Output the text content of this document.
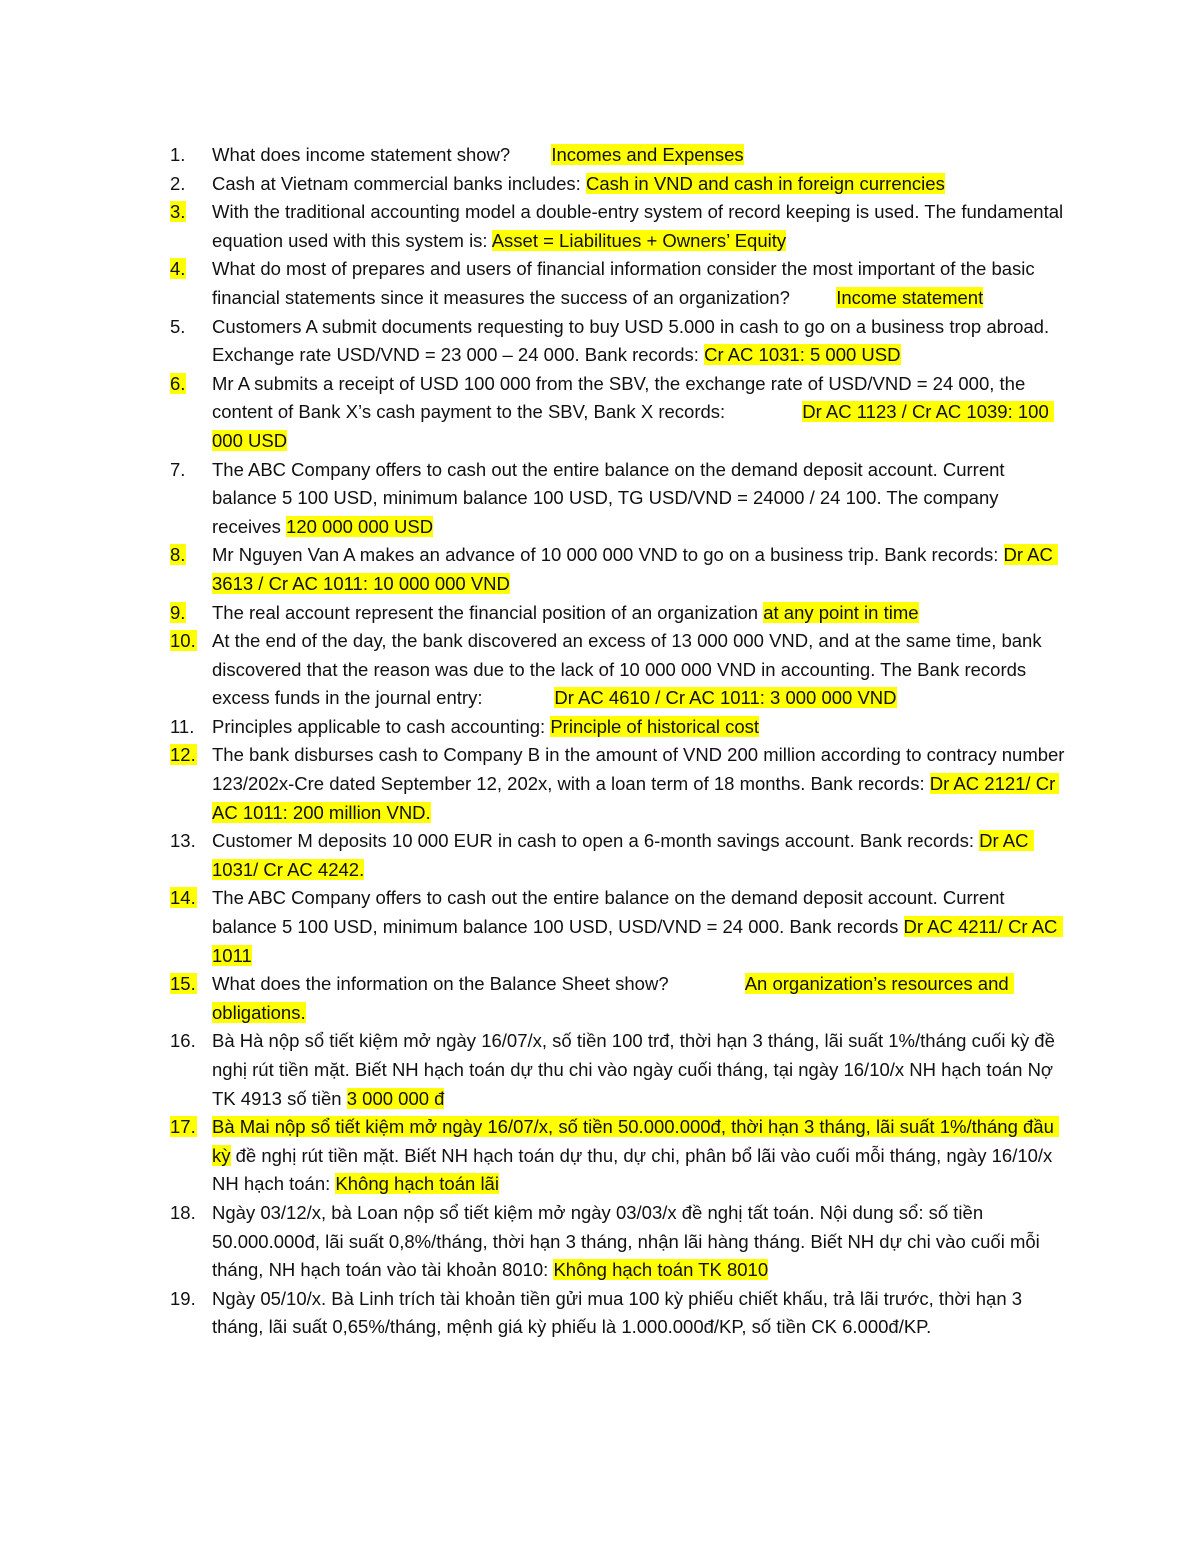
1.	What does income statement show?        Incomes and Expenses
2.	Cash at Vietnam commercial banks includes: Cash in VND and cash in foreign currencies
3.	With the traditional accounting model a double-entry system of record keeping is used. The fundamental equation used with this system is: Asset = Liabilitues + Owners’ Equity
4.	What do most of prepares and users of financial information consider the most important of the basic financial statements since it measures the success of an organization?         Income statement
5.	Customers A submit documents requesting to buy USD 5.000 in cash to go on a business trop abroad. Exchange rate USD/VND = 23 000 – 24 000. Bank records: Cr AC 1031: 5 000 USD
6.	Mr A submits a receipt of USD 100 000 from the SBV, the exchange rate of USD/VND = 24 000, the content of Bank X’s cash payment to the SBV, Bank X records:               Dr AC 1123 / Cr AC 1039: 100 000 USD
7.	The ABC Company offers to cash out the entire balance on the demand deposit account. Current balance 5 100 USD, minimum balance 100 USD, TG USD/VND = 24000 / 24 100. The company receives 120 000 000 USD
8.	Mr Nguyen Van A makes an advance of 10 000 000 VND to go on a business trip. Bank records: Dr AC 3613 / Cr AC 1011: 10 000 000 VND
9.	The real account represent the financial position of an organization at any point in time
10. At the end of the day, the bank discovered an excess of 13 000 000 VND, and at the same time, bank discovered that the reason was due to the lack of 10 000 000 VND in accounting. The Bank records excess funds in the journal entry:              Dr AC 4610 / Cr AC 1011: 3 000 000 VND
11. Principles applicable to cash accounting: Principle of historical cost
12. The bank disburses cash to Company B in the amount of VND 200 million according to contracy number 123/202x-Cre dated September 12, 202x, with a loan term of 18 months. Bank records: Dr AC 2121/ Cr AC 1011: 200 million VND.
13. Customer M deposits 10 000 EUR in cash to open a 6-month savings account. Bank records: Dr AC 1031/ Cr AC 4242.
14. The ABC Company offers to cash out the entire balance on the demand deposit account. Current balance 5 100 USD, minimum balance 100 USD, USD/VND = 24 000. Bank records Dr AC 4211/ Cr AC 1011
15. What does the information on the Balance Sheet show?               An organization’s resources and obligations.
16. Bà Hà nộp sổ tiết kiệm mở ngày 16/07/x, số tiền 100 trđ, thời hạn 3 tháng, lãi suất 1%/tháng cuối kỳ đề nghị rút tiền mặt. Biết NH hạch toán dự thu chi vào ngày cuối tháng, tại ngày 16/10/x NH hạch toán Nợ TK 4913 số tiền 3 000 000 đ
17. Bà Mai nộp sổ tiết kiệm mở ngày 16/07/x, số tiền 50.000.000đ, thời hạn 3 tháng, lãi suất 1%/tháng đầu kỳ đề nghị rút tiền mặt. Biết NH hạch toán dự thu, dự chi, phân bổ lãi vào cuối mỗi tháng, ngày 16/10/x NH hạch toán: Không hạch toán lãi
18. Ngày 03/12/x, bà Loan nộp sổ tiết kiệm mở ngày 03/03/x đề nghị tất toán. Nội dung sổ: số tiền 50.000.000đ, lãi suất 0,8%/tháng, thời hạn 3 tháng, nhận lãi hàng tháng. Biết NH dự chi vào cuối mỗi tháng, NH hạch toán vào tài khoản 8010: Không hạch toán TK 8010
19. Ngày 05/10/x. Bà Linh trích tài khoản tiền gửi mua 100 kỳ phiếu chiết khấu, trả lãi trước, thời hạn 3 tháng, lãi suất 0,65%/tháng, mệnh giá kỳ phiếu là 1.000.000đ/KP, số tiền CK 6.000đ/KP.
